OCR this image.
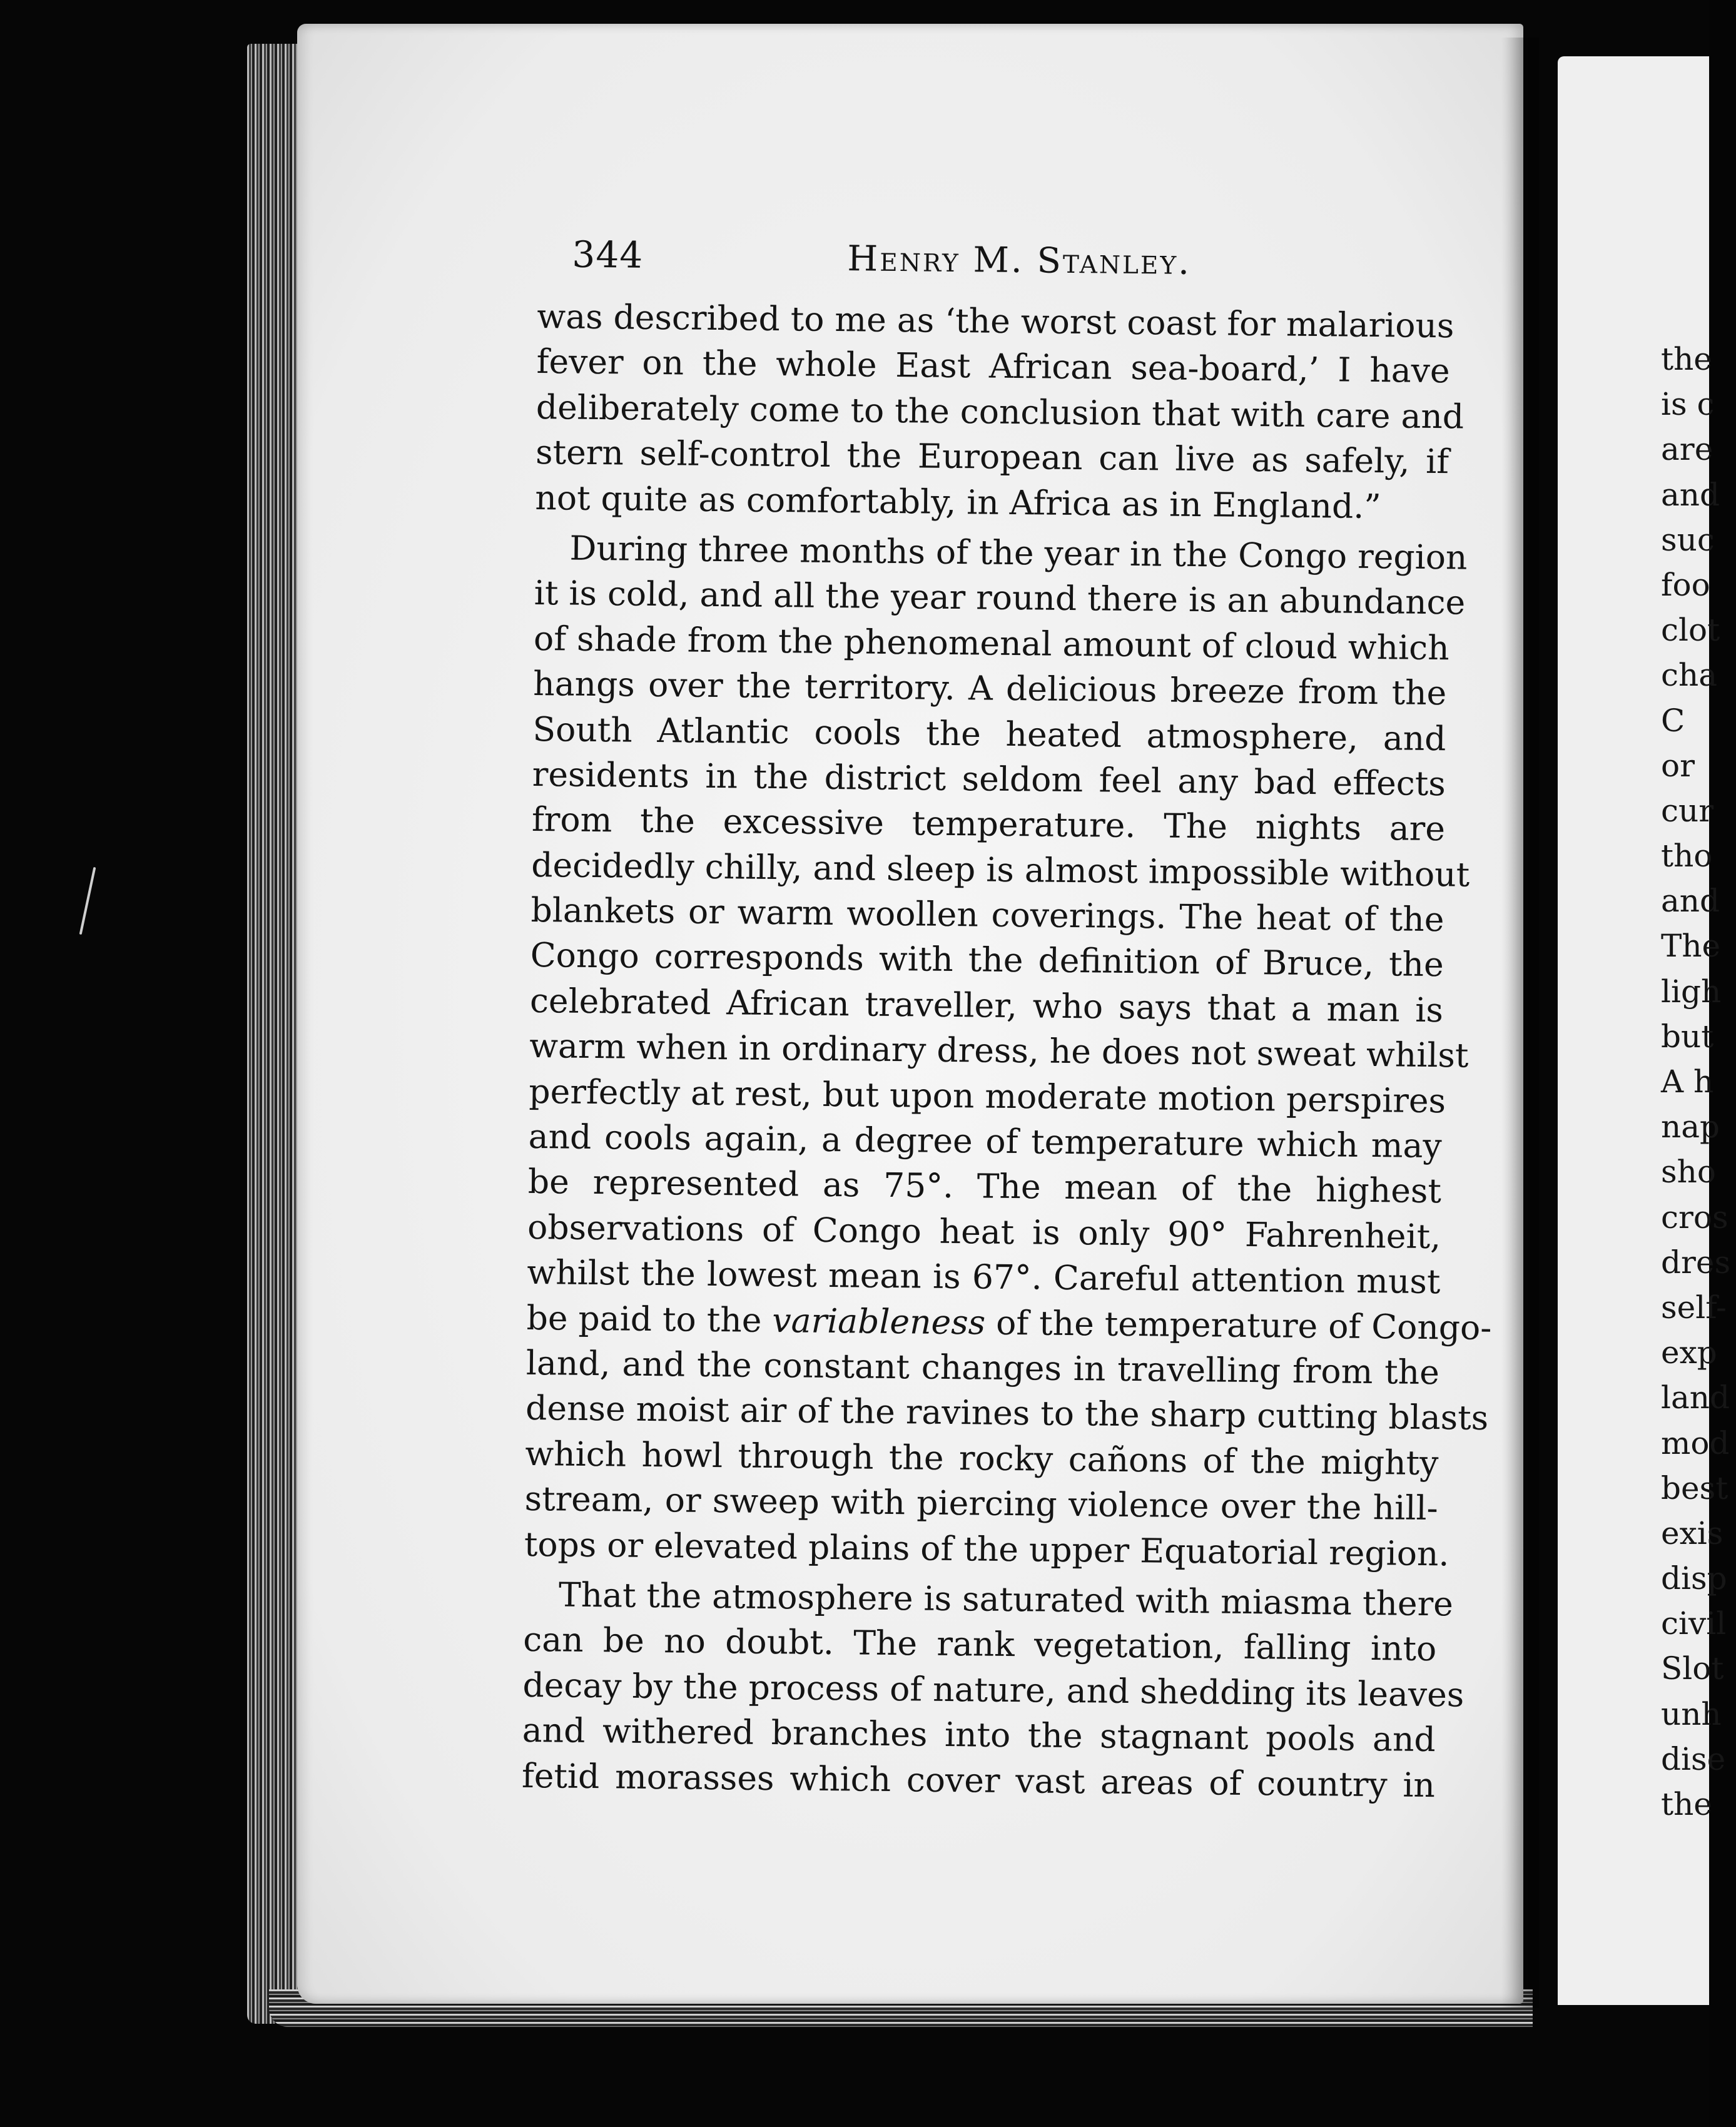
the
is c
are
and
suc
foo
clot
cha
C
or
cur
tho
and
The
ligh
but
A h
nap
sho
cros
dres
self-
exp
land
mod
best
exis
disp
civil
Slot
unh
dise
the
344	Henry M. Stanley.
was described to me as ‘the worst coast for malarious
fever on the whole East African sea-board,’ I have
deliberately come to the conclusion that with care and
stern self-control the European can live as safely, if
not quite as comfortably, in Africa as in England.”
During three months of the year in the Congo region
it is cold, and all the year round there is an abundance
of shade from the phenomenal amount of cloud which
hangs over the territory. A delicious breeze from the
South Atlantic cools the heated atmosphere, and
residents in the district seldom feel any bad effects
from the excessive temperature. The nights are
decidedly chilly, and sleep is almost impossible without
blankets or warm woollen coverings. The heat of the
Congo corresponds with the definition of Bruce, the
celebrated African traveller, who says that a man is
warm when in ordinary dress, he does not sweat whilst
perfectly at rest, but upon moderate motion perspires
and cools again, a degree of temperature which may
be represented as 75°. The mean of the highest
observations of Congo heat is only 90° Fahrenheit,
whilst the lowest mean is 67°. Careful attention must
be paid to the variableness of the temperature of Congo-
land, and the constant changes in travelling from the
dense moist air of the ravines to the sharp cutting blasts
which howl through the rocky cañons of the mighty
stream, or sweep with piercing violence over the hill-
tops or elevated plains of the upper Equatorial region.
That the atmosphere is saturated with miasma there
can be no doubt. The rank vegetation, falling into
decay by the process of nature, and shedding its leaves
and withered branches into the stagnant pools and
fetid morasses which cover vast areas of country in
